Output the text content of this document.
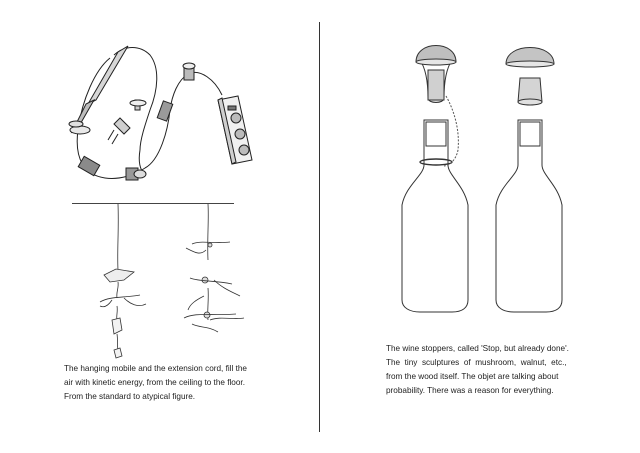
The hanging mobile and the extension cord, fill the

air with kinetic energy, from the ceiling to the floor.

From the standard to atypical figure.

The wine stoppers, called 'Stop, but already done'.

The  tiny  sculptures  of  mushroom,  walnut,  etc.,

from the wood itself. The objet are talking about

probability. There was a reason for everything.
